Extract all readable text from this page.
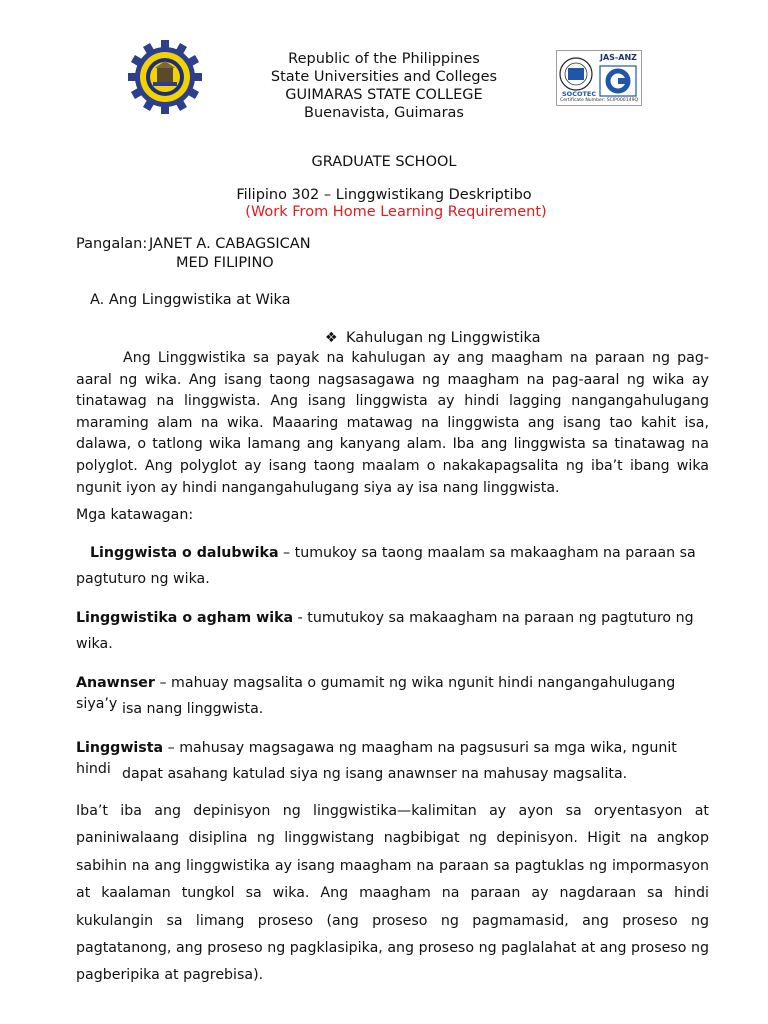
JAS-ANZ
SOCOTEC
Certificate Number: SCIP000149Q
Republic of the Philippines
State Universities and Colleges
GUIMARAS STATE COLLEGE
Buenavista, Guimaras
GRADUATE SCHOOL
Filipino 302 – Linggwistikang Deskriptibo
(Work From Home Learning Requirement)
Pangalan: JANET A. CABAGSICAN
MED FILIPINO
A. Ang Linggwistika at Wika
❖ Kahulugan ng Linggwistika
Ang Linggwistika sa payak na kahulugan ay ang maagham na paraan ng pag-aaral ng wika. Ang isang taong nagsasagawa ng maagham na pag-aaral ng wika ay tinatawag na linggwista. Ang isang linggwista ay hindi lagging nangangahulugang maraming alam na wika. Maaaring matawag na linggwista ang isang tao kahit isa, dalawa, o tatlong wika lamang ang kanyang alam. Iba ang linggwista sa tinatawag na polyglot. Ang polyglot ay isang taong maalam o nakakapagsalita ng iba’t ibang wika ngunit iyon ay hindi nangangahulugang siya ay isa nang linggwista.
Mga katawagan:
Linggwista o dalubwika – tumukoy sa taong maalam sa makaagham na paraan sa
pagtuturo ng wika.
Linggwistika o agham wika - tumutukoy sa makaagham na paraan ng pagtuturo ng
wika.
Anawnser – mahuay magsalita o gumamit ng wika ngunit hindi nangangahulugang siya’y isa nang linggwista.
Linggwista – mahusay magsagawa ng maagham na pagsusuri sa mga wika, ngunit hindi dapat asahang katulad siya ng isang anawnser na mahusay magsalita.
Iba’t iba ang depinisyon ng linggwistika—kalimitan ay ayon sa oryentasyon at paniniwalaang disiplina ng linggwistang nagbibigat ng depinisyon. Higit na angkop sabihin na ang linggwistika ay isang maagham na paraan sa pagtuklas ng impormasyon at kaalaman tungkol sa wika. Ang maagham na paraan ay nagdaraan sa hindi kukulangin sa limang proseso (ang proseso ng pagmamasid, ang proseso ng pagtatanong, ang proseso ng pagklasipika, ang proseso ng paglalahat at ang proseso ng pagberipika at pagrebisa).
